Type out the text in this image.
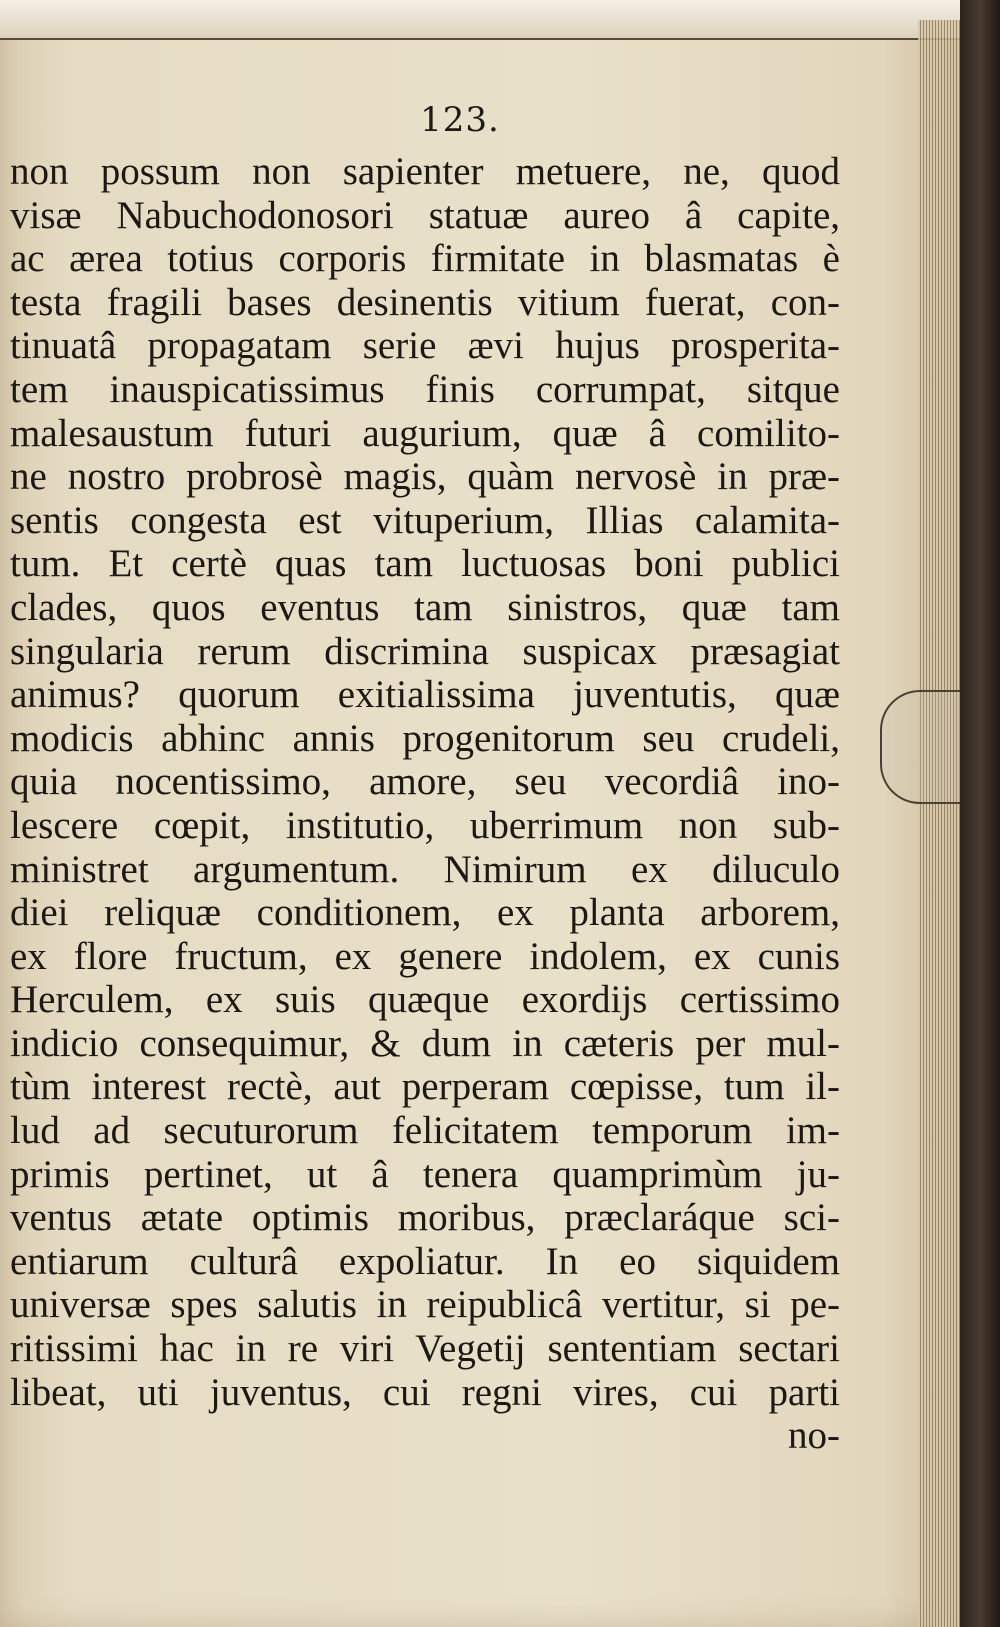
123.
non possum non sapienter metuere, ne, quod
visæ Nabuchodonosori statuæ aureo â capite,
ac ærea totius corporis firmitate in blasmatas è
testa fragili bases desinentis vitium fuerat, con-
tinuatâ propagatam serie ævi hujus prosperita-
tem inauspicatissimus finis corrumpat, sitque
malesaustum futuri augurium, quæ â comilito-
ne nostro probrosè magis, quàm nervosè in præ-
sentis congesta est vituperium, Illias calamita-
tum. Et certè quas tam luctuosas boni publici
clades, quos eventus tam sinistros, quæ tam
singularia rerum discrimina suspicax præsagiat
animus? quorum exitialissima juventutis, quæ
modicis abhinc annis progenitorum seu crudeli,
quia nocentissimo, amore, seu vecordiâ ino-
lescere cœpit, institutio, uberrimum non sub-
ministret argumentum. Nimirum ex diluculo
diei reliquæ conditionem, ex planta arborem,
ex flore fructum, ex genere indolem, ex cunis
Herculem, ex suis quæque exordijs certissimo
indicio consequimur, & dum in cæteris per mul-
tùm interest rectè, aut perperam cœpisse, tum il-
lud ad secuturorum felicitatem temporum im-
primis pertinet, ut â tenera quamprimùm ju-
ventus ætate optimis moribus, præclaráque sci-
entiarum culturâ expoliatur. In eo siquidem
universæ spes salutis in reipublicâ vertitur, si pe-
ritissimi hac in re viri Vegetij sententiam sectari
libeat, uti juventus, cui regni vires, cui parti
no-
